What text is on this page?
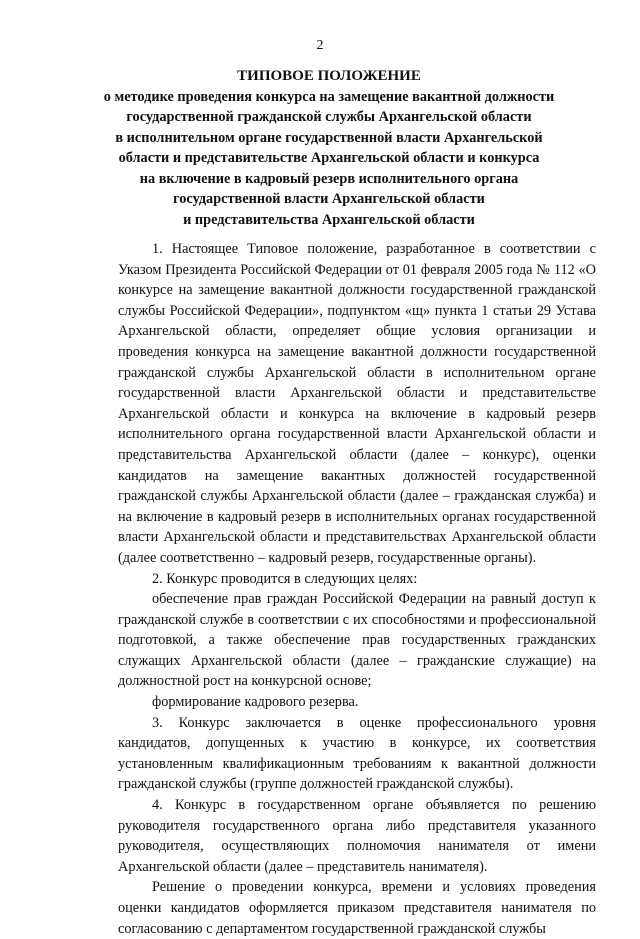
2
ТИПОВОЕ ПОЛОЖЕНИЕ
о методике проведения конкурса на замещение вакантной должности
государственной гражданской службы Архангельской области
в исполнительном органе государственной власти Архангельской
области и представительстве Архангельской области и конкурса
на включение в кадровый резерв исполнительного органа
государственной власти Архангельской области
и представительства Архангельской области

1. Настоящее Типовое положение, разработанное в соответствии с Указом Президента Российской Федерации от 01 февраля 2005 года № 112 «О конкурсе на замещение вакантной должности государственной гражданской службы Российской Федерации», подпунктом «щ» пункта 1 статьи 29 Устава Архангельской области, определяет общие условия организации и проведения конкурса на замещение вакантной должности государственной гражданской службы Архангельской области в исполнительном органе государственной власти Архангельской области и представительстве Архангельской области и конкурса на включение в кадровый резерв исполнительного органа государственной власти Архангельской области и представительства Архангельской области (далее – конкурс), оценки кандидатов на замещение вакантных должностей государственной гражданской службы Архангельской области (далее – гражданская служба) и на включение в кадровый резерв в исполнительных органах государственной власти Архангельской области и представительствах Архангельской области (далее соответственно – кадровый резерв, государственные органы).

2. Конкурс проводится в следующих целях:

обеспечение прав граждан Российской Федерации на равный доступ к гражданской службе в соответствии с их способностями и профессиональной подготовкой, а также обеспечение прав государственных гражданских служащих Архангельской области (далее – гражданские служащие) на должностной рост на конкурсной основе;

формирование кадрового резерва.

3. Конкурс заключается в оценке профессионального уровня кандидатов, допущенных к участию в конкурсе, их соответствия установленным квалификационным требованиям к вакантной должности гражданской службы (группе должностей гражданской службы).

4. Конкурс в государственном органе объявляется по решению руководителя государственного органа либо представителя указанного руководителя, осуществляющих полномочия нанимателя от имени Архангельской области (далее – представитель нанимателя).

Решение о проведении конкурса, времени и условиях проведения оценки кандидатов оформляется приказом представителя нанимателя по согласованию с департаментом государственной гражданской службы
